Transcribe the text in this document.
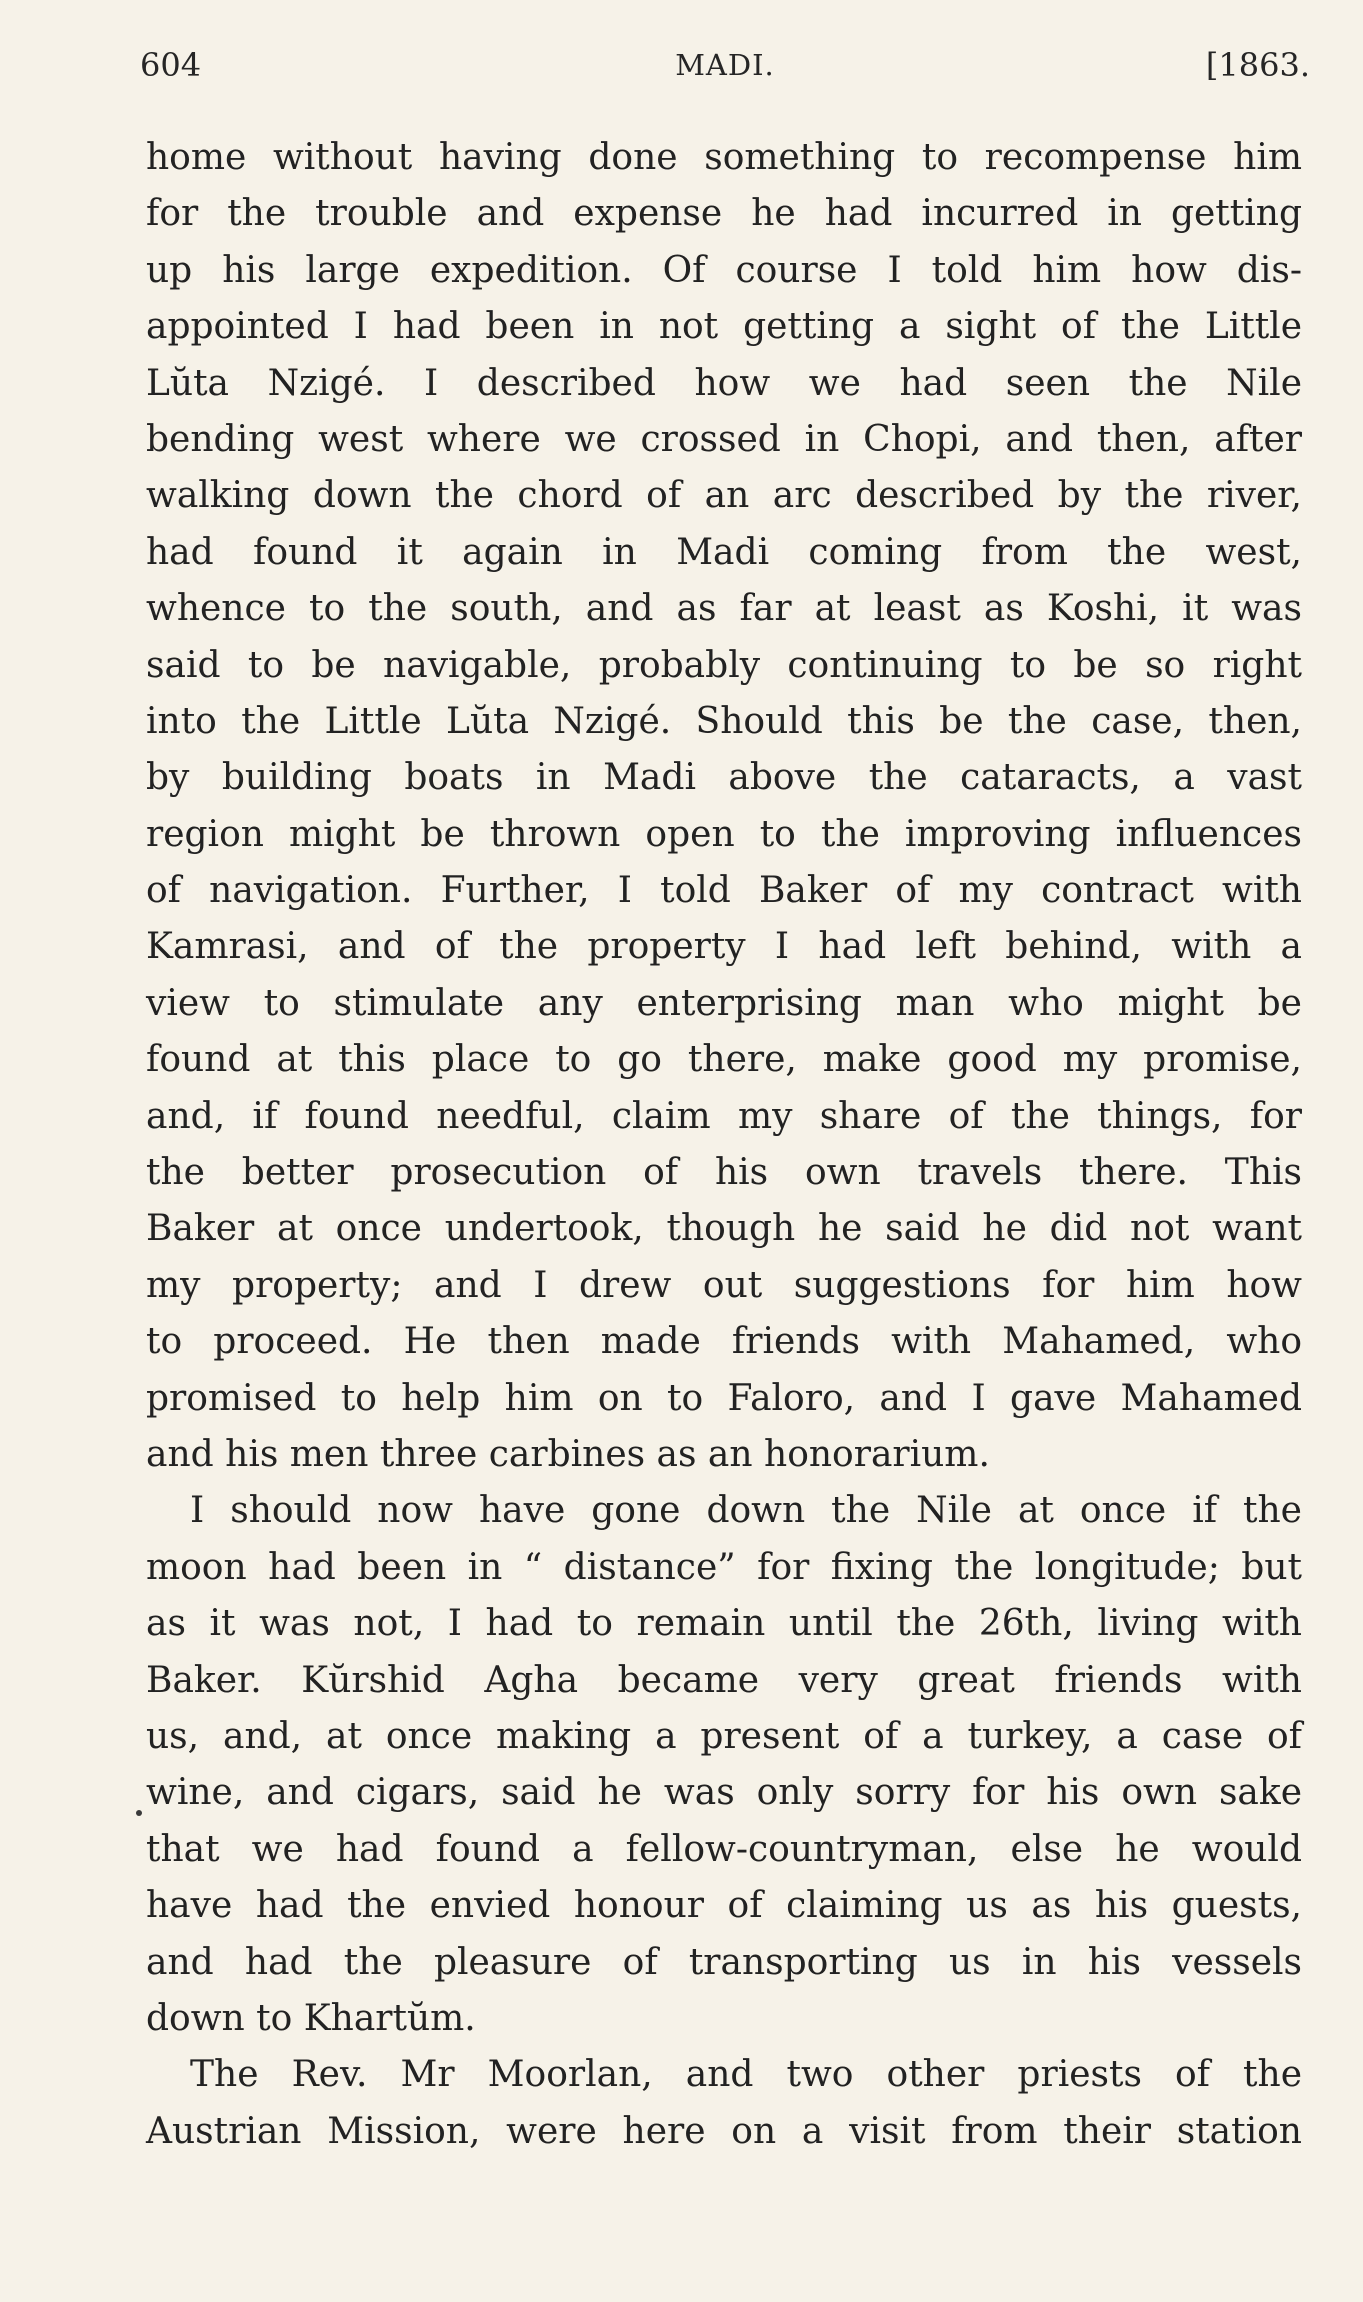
604	MADI.	[1863.

home without having done something to recompense him
for the trouble and expense he had incurred in getting
up his large expedition. Of course I told him how dis-
appointed I had been in not getting a sight of the Little
Lŭta Nzigé. I described how we had seen the Nile
bending west where we crossed in Chopi, and then, after
walking down the chord of an arc described by the river,
had found it again in Madi coming from the west,
whence to the south, and as far at least as Koshi, it was
said to be navigable, probably continuing to be so right
into the Little Lŭta Nzigé. Should this be the case, then,
by building boats in Madi above the cataracts, a vast
region might be thrown open to the improving influences
of navigation. Further, I told Baker of my contract with
Kamrasi, and of the property I had left behind, with a
view to stimulate any enterprising man who might be
found at this place to go there, make good my promise,
and, if found needful, claim my share of the things, for
the better prosecution of his own travels there. This
Baker at once undertook, though he said he did not want
my property; and I drew out suggestions for him how
to proceed. He then made friends with Mahamed, who
promised to help him on to Faloro, and I gave Mahamed
and his men three carbines as an honorarium.

I should now have gone down the Nile at once if the
moon had been in “ distance” for fixing the longitude; but
as it was not, I had to remain until the 26th, living with
Baker. Kŭrshid Agha became very great friends with
us, and, at once making a present of a turkey, a case of
wine, and cigars, said he was only sorry for his own sake
that we had found a fellow-countryman, else he would
have had the envied honour of claiming us as his guests,
and had the pleasure of transporting us in his vessels
down to Khartŭm.

The Rev. Mr Moorlan, and two other priests of the
Austrian Mission, were here on a visit from their station
